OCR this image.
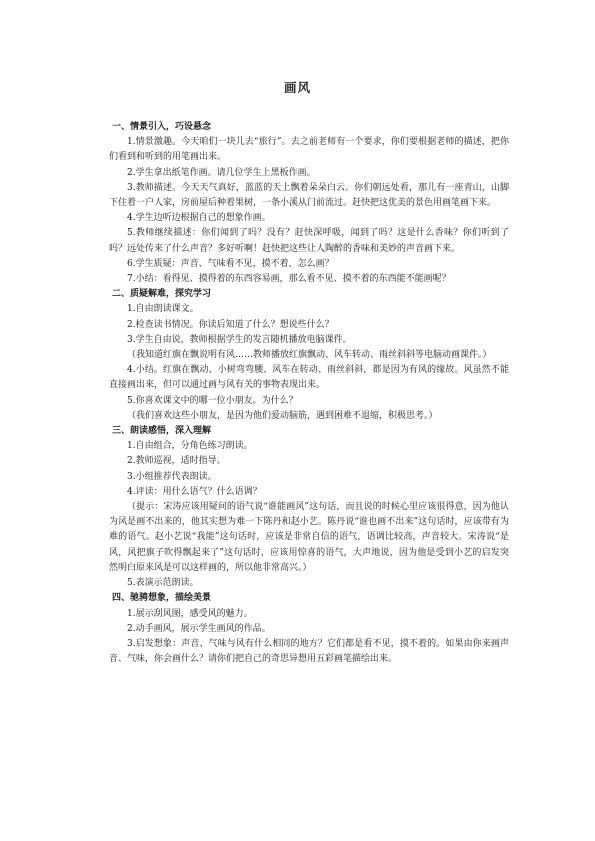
画风

一、情景引入，巧设悬念

1.情景激趣。今天咱们一块儿去“旅行”。去之前老师有一个要求，你们要根据老师的描述，把你们看到和听到的用笔画出来。

2.学生拿出纸笔作画。请几位学生上黑板作画。

3.教师描述。今天天气真好，蓝蓝的天上飘着朵朵白云。你们朝远处看，那儿有一座青山，山脚下住着一户人家，房前屋后种着果树，一条小溪从门前流过。赶快把这优美的景色用画笔画下来。

4.学生边听边根据自己的想象作画。

5.教师继续描述：你们闻到了吗？没有？赶快深呼吸，闻到了吗？这是什么香味？你们听到了吗？远处传来了什么声音？多好听啊！赶快把这些让人陶醉的香味和美妙的声音画下来。

6.学生质疑：声音、气味看不见，摸不着，怎么画？

7.小结：看得见、摸得着的东西容易画，那么看不见、摸不着的东西能不能画呢？

二、质疑解难，探究学习

1.自由朗读课文。

2.检查读书情况。你读后知道了什么？想说些什么？

3.学生自由说，教师根据学生的发言随机播放电脑课件。

（我知道红旗在飘说明有风……教师播放红旗飘动、风车转动、雨丝斜斜等电脑动画课件。）

4.小结。红旗在飘动、小树弯弯腰、风车在转动、雨丝斜斜，都是因为有风的缘故。风虽然不能直接画出来，但可以通过画与风有关的事物表现出来。

5.你喜欢课文中的哪一位小朋友。为什么？

（我们喜欢这些小朋友，是因为他们爱动脑筋，遇到困难不退缩，积极思考。）

三、朗读感悟，深入理解

1.自由组合，分角色练习朗读。

2.教师巡视，适时指导。

3.小组推荐代表朗读。

4.评读：用什么语气？什么语调？

（提示：宋涛应该用疑问的语气说“谁能画风”这句话，而且说的时候心里应该很得意，因为他认为风是画不出来的，他其实想为难一下陈丹和赵小艺。陈丹说“谁也画不出来”这句话时，应该带有为难的语气。赵小艺说“我能”这句话时，应该是非常自信的语气，语调比较高，声音较大。宋涛说“是风，风把旗子吹得飘起来了”这句话时，应该用惊喜的语气，大声地说，因为他是受到小艺的启发突然明白原来风是可以这样画的，所以他非常高兴。）

5.表演示范朗读。

四、驰骋想象，描绘美景

1.展示刮风图，感受风的魅力。

2.动手画风，展示学生画风的作品。

3.启发想象：声音、气味与风有什么相同的地方？它们都是看不见，摸不着的。如果由你来画声音、气味，你会画什么？请你们把自己的奇思异想用五彩画笔描绘出来。
